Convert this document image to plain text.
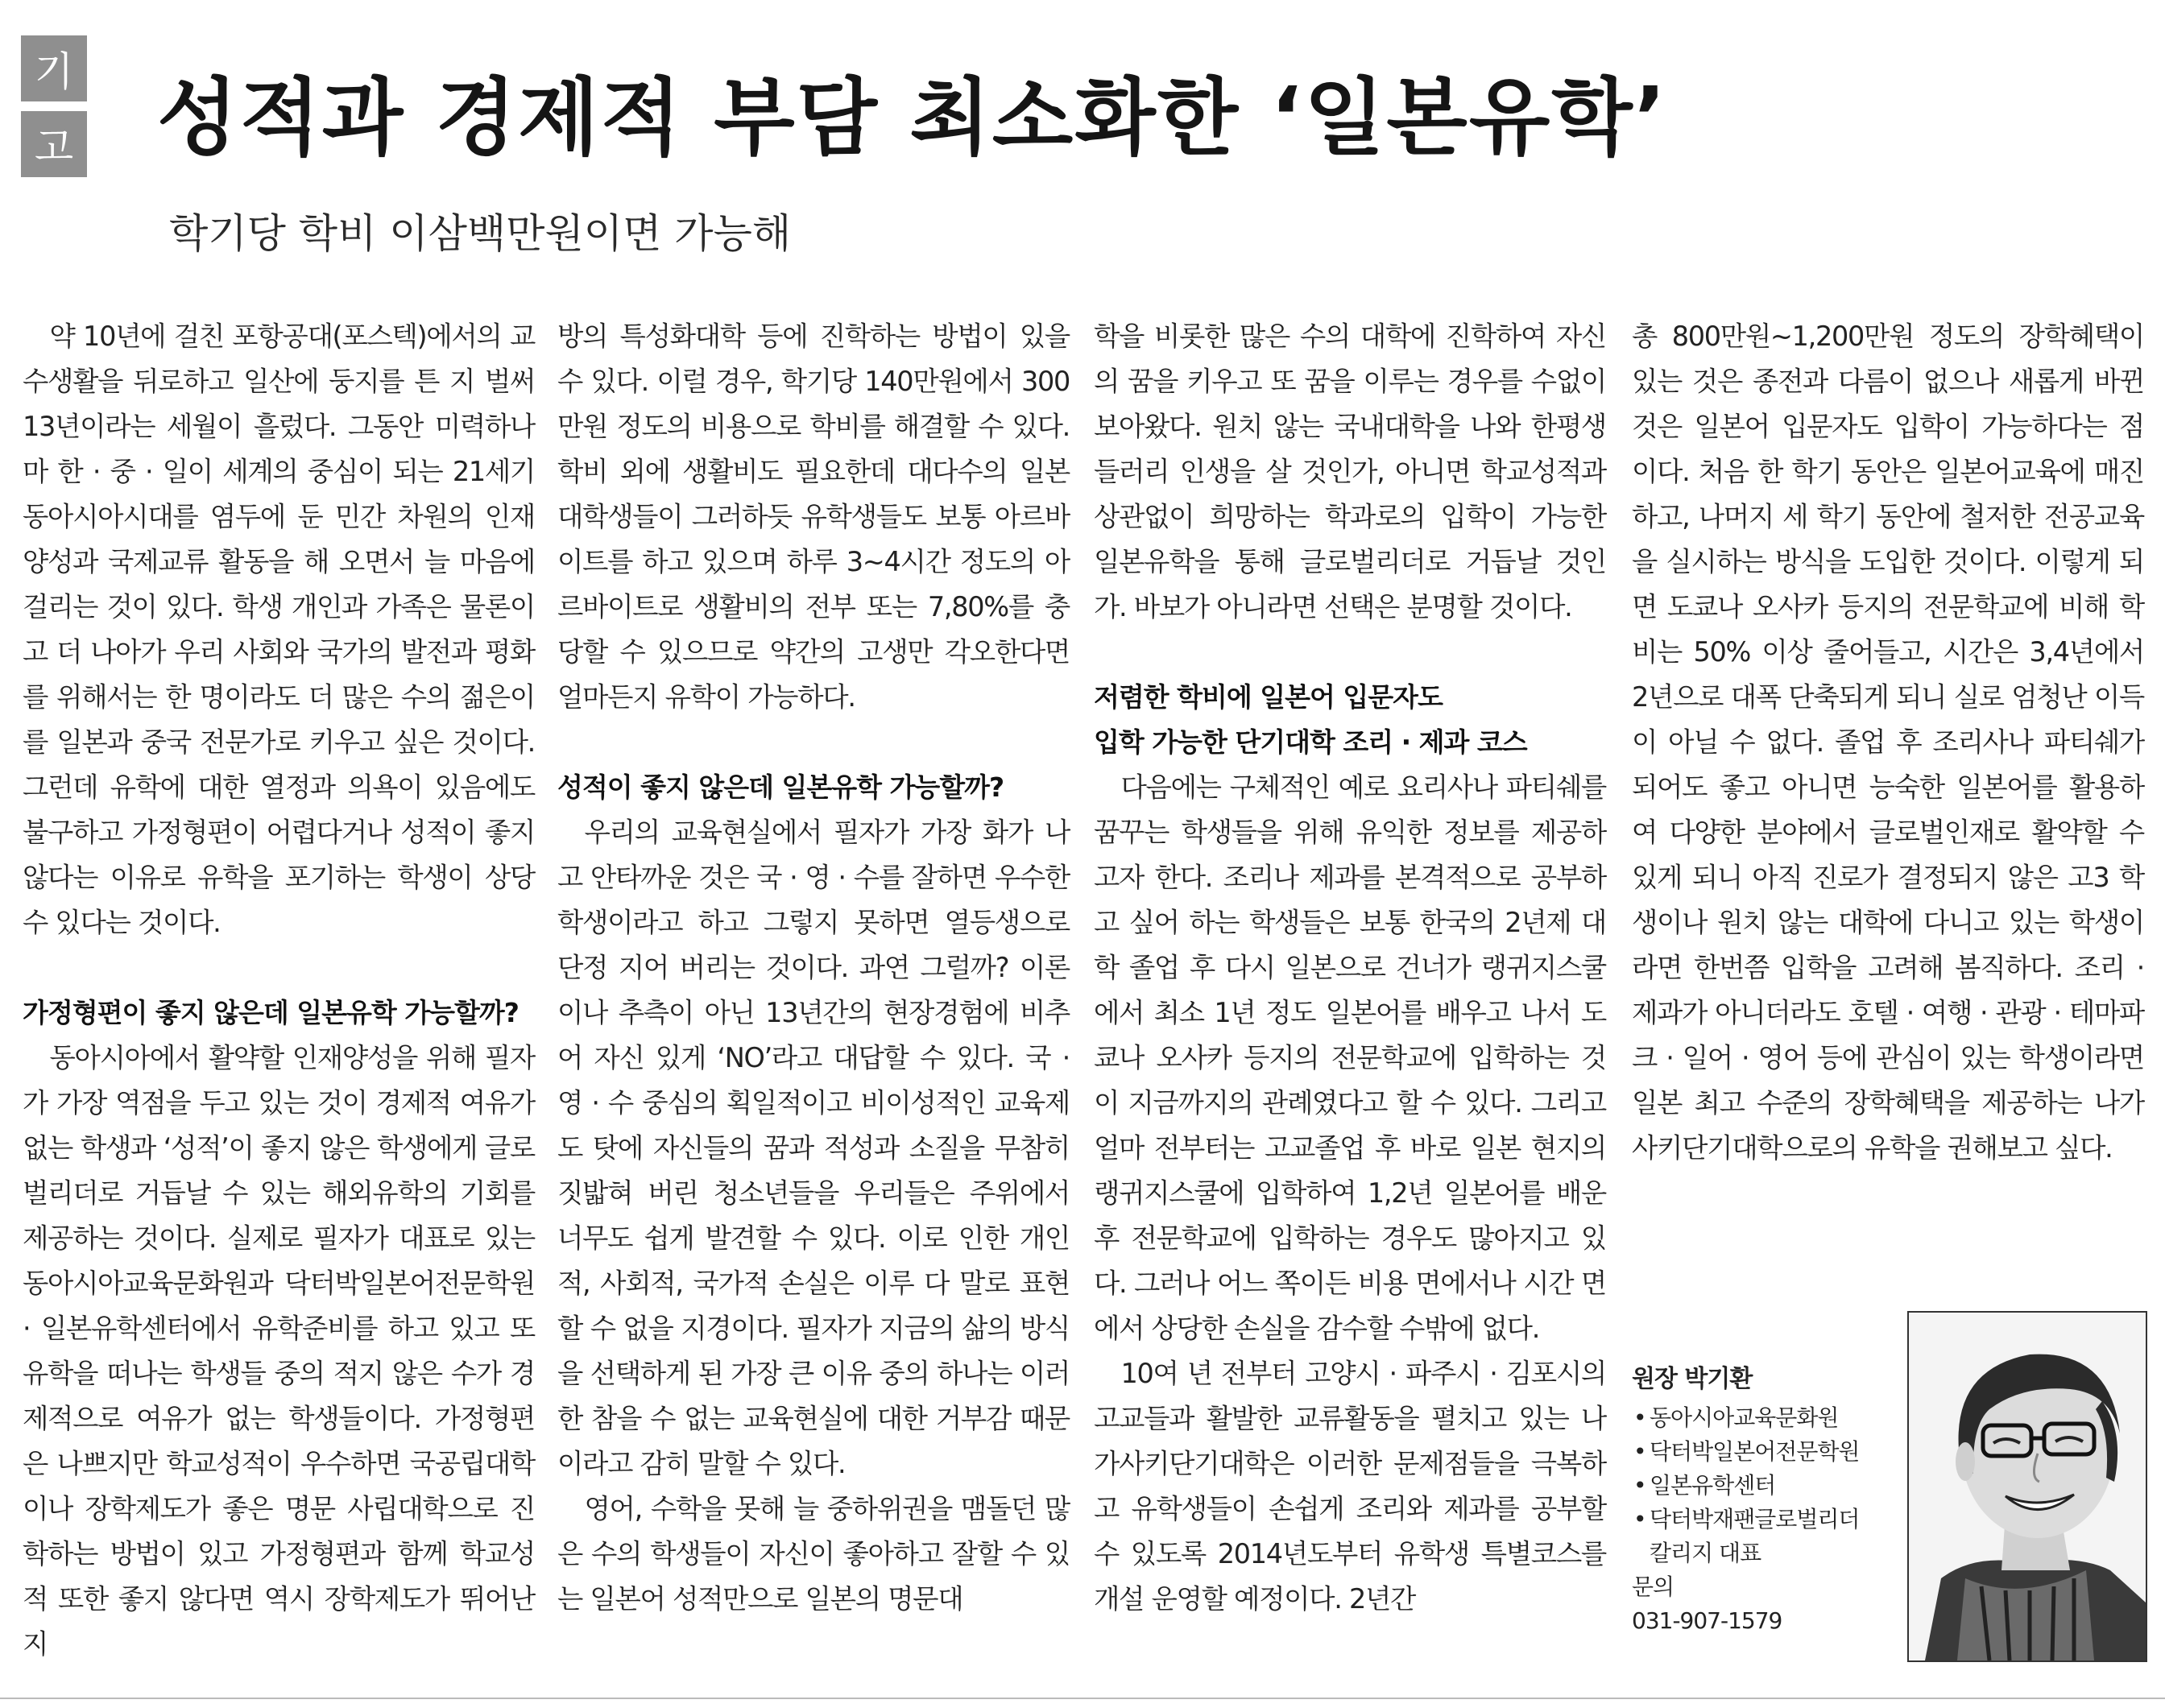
기
고 성적과 경제적 부담 최소화한 ‘일본유학’
학기당 학비 이삼백만원이면 가능해

약 10년에 걸친 포항공대(포스텍)에서의 교수생활을 뒤로하고 일산에 둥지를 튼 지 벌써 13년이라는 세월이 흘렀다. 그동안 미력하나마 한 · 중 · 일이 세계의 중심이 되는 21세기 동아시아시대를 염두에 둔 민간 차원의 인재양성과 국제교류 활동을 해 오면서 늘 마음에 걸리는 것이 있다. 학생 개인과 가족은 물론이고 더 나아가 우리 사회와 국가의 발전과 평화를 위해서는 한 명이라도 더 많은 수의 젊은이를 일본과 중국 전문가로 키우고 싶은 것이다. 그런데 유학에 대한 열정과 의욕이 있음에도 불구하고 가정형편이 어렵다거나 성적이 좋지 않다는 이유로 유학을 포기하는 학생이 상당수 있다는 것이다.

가정형편이 좋지 않은데 일본유학 가능할까?

동아시아에서 활약할 인재양성을 위해 필자가 가장 역점을 두고 있는 것이 경제적 여유가 없는 학생과 ‘성적’이 좋지 않은 학생에게 글로벌리더로 거듭날 수 있는 해외유학의 기회를 제공하는 것이다. 실제로 필자가 대표로 있는 동아시아교육문화원과 닥터박일본어전문학원 · 일본유학센터에서 유학준비를 하고 있고 또 유학을 떠나는 학생들 중의 적지 않은 수가 경제적으로 여유가 없는 학생들이다. 가정형편은 나쁘지만 학교성적이 우수하면 국공립대학이나 장학제도가 좋은 명문 사립대학으로 진학하는 방법이 있고 가정형편과 함께 학교성적 또한 좋지 않다면 역시 장학제도가 뛰어난 지

방의 특성화대학 등에 진학하는 방법이 있을 수 있다. 이럴 경우, 학기당 140만원에서 300만원 정도의 비용으로 학비를 해결할 수 있다. 학비 외에 생활비도 필요한데 대다수의 일본 대학생들이 그러하듯 유학생들도 보통 아르바이트를 하고 있으며 하루 3~4시간 정도의 아르바이트로 생활비의 전부 또는 7,80%를 충당할 수 있으므로 약간의 고생만 각오한다면 얼마든지 유학이 가능하다.

성적이 좋지 않은데 일본유학 가능할까?

우리의 교육현실에서 필자가 가장 화가 나고 안타까운 것은 국 · 영 · 수를 잘하면 우수한 학생이라고 하고 그렇지 못하면 열등생으로 단정 지어 버리는 것이다. 과연 그럴까? 이론이나 추측이 아닌 13년간의 현장경험에 비추어 자신 있게 ‘NO’라고 대답할 수 있다. 국 · 영 · 수 중심의 획일적이고 비이성적인 교육제도 탓에 자신들의 꿈과 적성과 소질을 무참히 짓밟혀 버린 청소년들을 우리들은 주위에서 너무도 쉽게 발견할 수 있다. 이로 인한 개인적, 사회적, 국가적 손실은 이루 다 말로 표현할 수 없을 지경이다. 필자가 지금의 삶의 방식을 선택하게 된 가장 큰 이유 중의 하나는 이러한 참을 수 없는 교육현실에 대한 거부감 때문이라고 감히 말할 수 있다.

영어, 수학을 못해 늘 중하위권을 맴돌던 많은 수의 학생들이 자신이 좋아하고 잘할 수 있는 일본어 성적만으로 일본의 명문대

학을 비롯한 많은 수의 대학에 진학하여 자신의 꿈을 키우고 또 꿈을 이루는 경우를 수없이 보아왔다. 원치 않는 국내대학을 나와 한평생 들러리 인생을 살 것인가, 아니면 학교성적과 상관없이 희망하는 학과로의 입학이 가능한 일본유학을 통해 글로벌리더로 거듭날 것인가. 바보가 아니라면 선택은 분명할 것이다.

저렴한 학비에 일본어 입문자도
입학 가능한 단기대학 조리 · 제과 코스

다음에는 구체적인 예로 요리사나 파티쉐를 꿈꾸는 학생들을 위해 유익한 정보를 제공하고자 한다. 조리나 제과를 본격적으로 공부하고 싶어 하는 학생들은 보통 한국의 2년제 대학 졸업 후 다시 일본으로 건너가 랭귀지스쿨에서 최소 1년 정도 일본어를 배우고 나서 도쿄나 오사카 등지의 전문학교에 입학하는 것이 지금까지의 관례였다고 할 수 있다. 그리고 얼마 전부터는 고교졸업 후 바로 일본 현지의 랭귀지스쿨에 입학하여 1,2년 일본어를 배운 후 전문학교에 입학하는 경우도 많아지고 있다. 그러나 어느 쪽이든 비용 면에서나 시간 면에서 상당한 손실을 감수할 수밖에 없다.

10여 년 전부터 고양시 · 파주시 · 김포시의 고교들과 활발한 교류활동을 펼치고 있는 나가사키단기대학은 이러한 문제점들을 극복하고 유학생들이 손쉽게 조리와 제과를 공부할 수 있도록 2014년도부터 유학생 특별코스를 개설 운영할 예정이다. 2년간

총 800만원~1,200만원 정도의 장학혜택이 있는 것은 종전과 다름이 없으나 새롭게 바뀐 것은 일본어 입문자도 입학이 가능하다는 점이다. 처음 한 학기 동안은 일본어교육에 매진하고, 나머지 세 학기 동안에 철저한 전공교육을 실시하는 방식을 도입한 것이다. 이렇게 되면 도쿄나 오사카 등지의 전문학교에 비해 학비는 50% 이상 줄어들고, 시간은 3,4년에서 2년으로 대폭 단축되게 되니 실로 엄청난 이득이 아닐 수 없다. 졸업 후 조리사나 파티쉐가 되어도 좋고 아니면 능숙한 일본어를 활용하여 다양한 분야에서 글로벌인재로 활약할 수 있게 되니 아직 진로가 결정되지 않은 고3 학생이나 원치 않는 대학에 다니고 있는 학생이라면 한번쯤 입학을 고려해 봄직하다. 조리 · 제과가 아니더라도 호텔 · 여행 · 관광 · 테마파크 · 일어 · 영어 등에 관심이 있는 학생이라면 일본 최고 수준의 장학혜택을 제공하는 나가사키단기대학으로의 유학을 권해보고 싶다.

원장 박기환
• 동아시아교육문화원
• 닥터박일본어전문학원
• 일본유학센터
• 닥터박재팬글로벌리더
칼리지 대표
문의
031-907-1579
